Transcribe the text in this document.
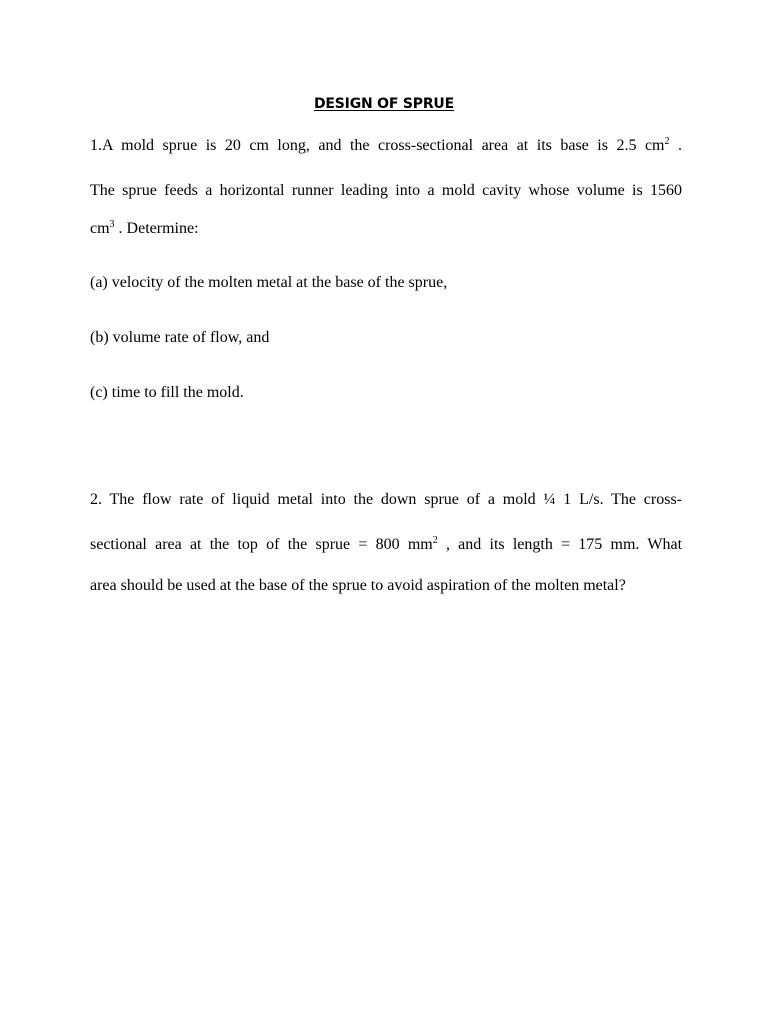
DESIGN OF SPRUE
1.A mold sprue is 20 cm long, and the cross-sectional area at its base is 2.5 $cm^2$ .
The sprue feeds a horizontal runner leading into a mold cavity whose volume is 1560
$cm^3$ . Determine:
(a) velocity of the molten metal at the base of the sprue,
(b) volume rate of flow, and
(c) time to fill the mold.
2. The flow rate of liquid metal into the down sprue of a mold ¼ 1 L/s. The cross-
sectional area at the top of the sprue = 800 $mm^2$ , and its length = 175 mm. What
area should be used at the base of the sprue to avoid aspiration of the molten metal?
